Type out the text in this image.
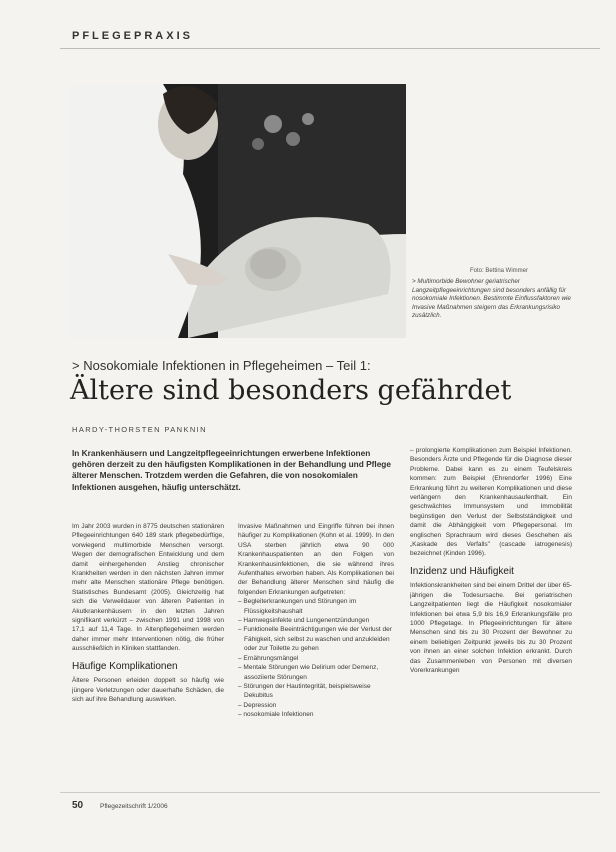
PFLEGEPRAXIS
Foto: Bettina Wimmer
> Multimorbide Bewohner geriatrischer Langzeitpflegeeinrichtungen sind besonders anfällig für nosokomiale Infektionen. Bestimmte Einflussfaktoren wie Invasive Maßnahmen steigern das Erkrankungsrisiko zusätzlich.
> Nosokomiale Infektionen in Pflegeheimen – Teil 1:
Ältere sind besonders gefährdet
HARDY-THORSTEN PANKNIN
In Krankenhäusern und Langzeitpflegeeinrichtungen erwerbene Infektionen gehören derzeit zu den häufigsten Komplikationen in der Behandlung und Pflege älterer Menschen. Trotzdem werden die Gefahren, die von nosokomialen Infektionen ausgehen, häufig unterschätzt.

Im Jahr 2003 wurden in 8775 deutschen stationären Pflegeeinrichtungen 640 189 stark pflegebedürftige, vorwiegend multimorbide Menschen versorgt. Wegen der demografischen Entwicklung und dem damit einhergehenden Anstieg chronischer Krankheiten werden in den nächsten Jahren immer mehr alte Menschen stationäre Pflege benötigen. Statistisches Bundesamt (2005). Gleichzeitig hat sich die Verweildauer von älteren Patienten in Akutkrankenhäusern in den letzten Jahren signifikant verkürzt – zwischen 1991 und 1998 von 17,1 auf 11,4 Tage. In Altenpflegeheimen werden daher immer mehr Interventionen nötig, die früher ausschließlich in Kliniken stattfanden.

Häufige Komplikationen

Ältere Personen erleiden doppelt so häufig wie jüngere Verletzungen oder dauerhafte Schäden, die sich auf ihre Behandlung auswirken.

Invasive Maßnahmen und Eingriffe führen bei ihnen häufiger zu Komplikationen (Kohn et al. 1999). In den USA sterben jährlich etwa 90 000 Krankenhauspatienten an den Folgen von Krankenhausinfektionen, die sie während ihres Aufenthaltes erworben haben. Als Komplikationen bei der Behandlung älterer Menschen sind häufig die folgenden Erkrankungen aufgetreten:

– Begleiterkrankungen und Störungen im Flüssigkeitshaushalt
– Harnwegsinfekte und Lungenentzündungen
– Funktionelle Beeinträchtigungen wie der Verlust der Fähigkeit, sich selbst zu waschen und anzukleiden oder zur Toilette zu gehen
– Ernährungsmängel
– Mentale Störungen wie Delirium oder Demenz, assoziierte Störungen
– Störungen der Hautintegrität, beispielsweise Dekubitus
– Depression
– nosokomiale Infektionen

– prolongierte Komplikationen zum Beispiel Infektionen. Besonders Ärzte und Pflegende für die Diagnose dieser Probleme. Dabei kann es zu einem Teufelskreis kommen: zum Beispiel (Ehrendorfer 1996) Eine Erkrankung führt zu weiteren Komplikationen und diese verlängern den Krankenhausaufenthalt. Ein geschwächtes Immunsystem und Immobilität begünstigen den Verlust der Selbstständigkeit und damit die Abhängigkeit vom Pflegepersonal. Im englischen Sprachraum wird dieses Geschehen als „Kaskade des Verfalls" (cascade iatrogenesis) bezeichnet (Kinden 1996).

Inzidenz und Häufigkeit

Infektionskrankheiten sind bei einem Drittel der über 65-jährigen die Todesursache. Bei geriatrischen Langzeitpatienten liegt die Häufigkeit nosokomialer Infektionen bei etwa 5,9 bis 16,9 Erkrankungsfälle pro 1000 Pflegetage. In Pflegeeinrichtungen für ältere Menschen sind bis zu 30 Prozent der Bewohner zu einem beliebigen Zeitpunkt jeweils bis zu 30 Prozent von ihnen an einer solchen Infektion erkrankt. Durch das Zusammenleben von Personen mit diversen Vorerkrankungen

50	Pflegezeitschrift 1/2006
